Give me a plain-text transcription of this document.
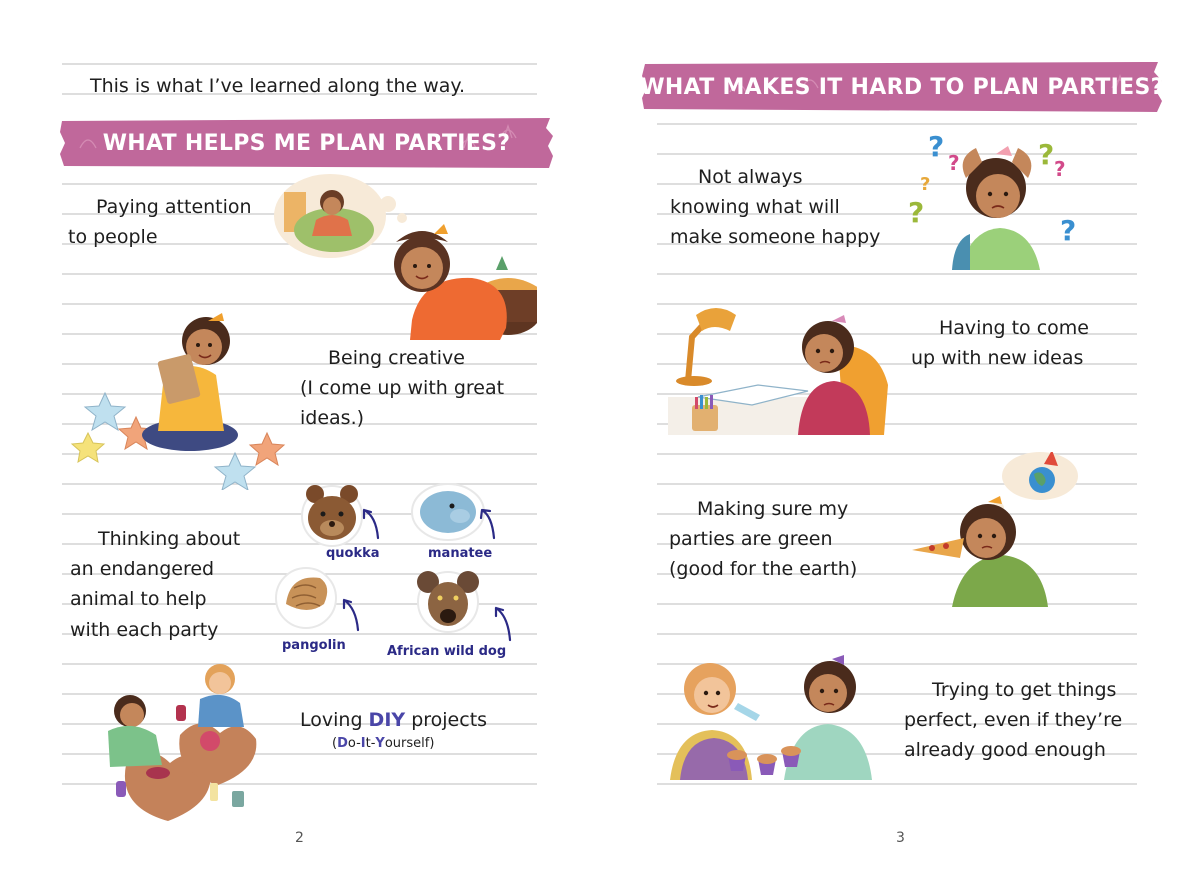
This is what I’ve learned along the way.
WHAT HELPS ME PLAN PARTIES?
Paying attention
to people
Being creative
(I come up with great
ideas.)
Thinking about
an endangered
animal to help
with each party
Loving DIY projects
(Do-It-Yourself)
quokka	manatee
pangolin	African wild dog
2
WHAT MAKES IT HARD TO PLAN PARTIES?
Not always
knowing what will
make someone happy
Having to come
up with new ideas
Making sure my
parties are green
(good for the earth)
Trying to get things
perfect, even if they’re
already good enough
? ?
?
?
? ?
?
3
